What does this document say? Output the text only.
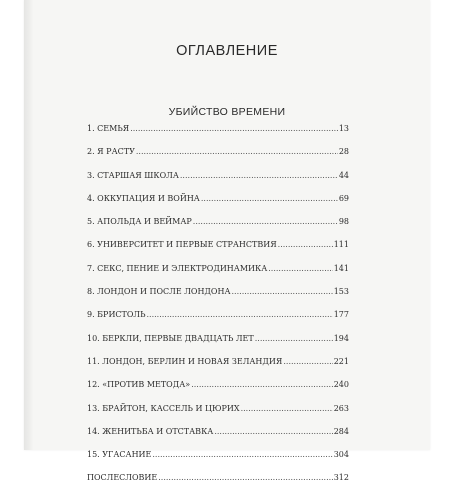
ОГЛАВЛЕНИЕ
УБИЙСТВО ВРЕМЕНИ
1. СЕМЬЯ .....	13
2. Я РАСТУ .....	28
3. СТАРШАЯ ШКОЛА .....	44
4. ОККУПАЦИЯ И ВОЙНА .....	69
5. АПОЛЬДА И ВЕЙМАР .....	98
6. УНИВЕРСИТЕТ И ПЕРВЫЕ СТРАНСТВИЯ .....	111
7. СЕКС, ПЕНИЕ И ЭЛЕКТРОДИНАМИКА .....	141
8. ЛОНДОН И ПОСЛЕ ЛОНДОНА .....	153
9. БРИСТОЛЬ .....	177
10. БЕРКЛИ, ПЕРВЫЕ ДВАДЦАТЬ ЛЕТ .....	194
11. ЛОНДОН, БЕРЛИН И НОВАЯ ЗЕЛАНДИЯ .....	221
12. «ПРОТИВ МЕТОДА» .....	240
13. БРАЙТОН, КАССЕЛЬ И ЦЮРИХ .....	263
14. ЖЕНИТЬБА И ОТСТАВКА .....	284
15. УГАСАНИЕ .....	304
ПОСЛЕСЛОВИЕ .....	312
